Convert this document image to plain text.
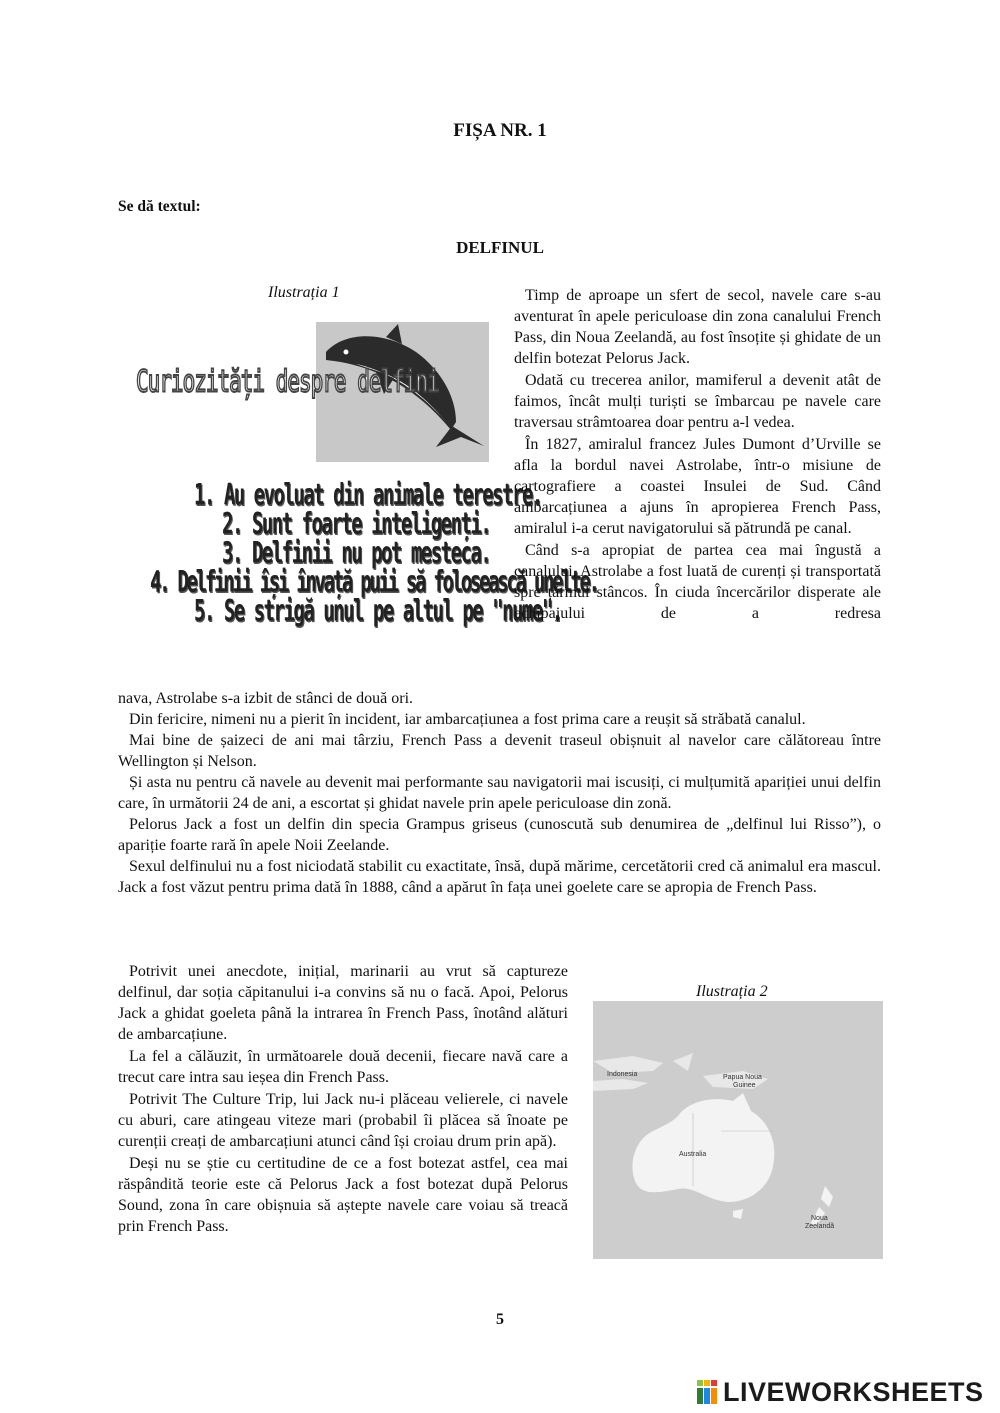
FIȘA NR. 1
Se dă textul:
DELFINUL
Ilustrația 1
Curiozități despre delfini
1. Au evoluat din animale terestre.
2. Sunt foarte inteligenți.
3. Delfinii nu pot mesteca.
4. Delfinii își învață puii să folosească unelte.
5. Se strigă unul pe altul pe "nume".

Timp de aproape un sfert de secol, navele care s-au aventurat în apele periculoase din zona canalului French Pass, din Noua Zeelandă, au fost însoțite și ghidate de un delfin botezat Pelorus Jack.

Odată cu trecerea anilor, mamiferul a devenit atât de faimos, încât mulți turiști se îmbarcau pe navele care traversau strâmtoarea doar pentru a-l vedea.

În 1827, amiralul francez Jules Dumont d’Urville se afla la bordul navei Astrolabe, într-o misiune de cartografiere a coastei Insulei de Sud. Când ambarcațiunea a ajuns în apropierea French Pass, amiralul i-a cerut navigatorului să pătrundă pe canal.

Când s-a apropiat de partea cea mai îngustă a canalului, Astrolabe a fost luată de curenți și transportată spre țărmul stâncos. În ciuda încercărilor disperate ale echipajului de a redresa

nava, Astrolabe s-a izbit de stânci de două ori.

Din fericire, nimeni nu a pierit în incident, iar ambarcațiunea a fost prima care a reușit să străbată canalul.

Mai bine de șaizeci de ani mai târziu, French Pass a devenit traseul obișnuit al navelor care călătoreau între Wellington și Nelson.

Și asta nu pentru că navele au devenit mai performante sau navigatorii mai iscusiți, ci mulțumită apariției unui delfin care, în următorii 24 de ani, a escortat și ghidat navele prin apele periculoase din zonă.

Pelorus Jack a fost un delfin din specia Grampus griseus (cunoscută sub denumirea de „delfinul lui Risso”), o apariție foarte rară în apele Noii Zeelande.

Sexul delfinului nu a fost niciodată stabilit cu exactitate, însă, după mărime, cercetătorii cred că animalul era mascul. Jack a fost văzut pentru prima dată în 1888, când a apărut în fața unei goelete care se apropia de French Pass.

Potrivit unei anecdote, inițial, marinarii au vrut să captureze delfinul, dar soția căpitanului i-a convins să nu o facă. Apoi, Pelorus Jack a ghidat goeleta până la intrarea în French Pass, înotând alături de ambarcațiune.

La fel a călăuzit, în următoarele două decenii, fiecare navă care a trecut care intra sau ieșea din French Pass.

Potrivit The Culture Trip, lui Jack nu-i plăceau velierele, ci navele cu aburi, care atingeau viteze mari (probabil îi plăcea să înoate pe curenții creați de ambarcațiuni atunci când își croiau drum prin apă).

Deși nu se știe cu certitudine de ce a fost botezat astfel, cea mai răspândită teorie este că Pelorus Jack a fost botezat după Pelorus Sound, zona în care obișnuia să aștepte navele care voiau să treacă prin French Pass.

Ilustrația 2
Indonesia	Papua Noua
Guinee
Australia
Noua
Zeelandă
5
LIVEWORKSHEETS
